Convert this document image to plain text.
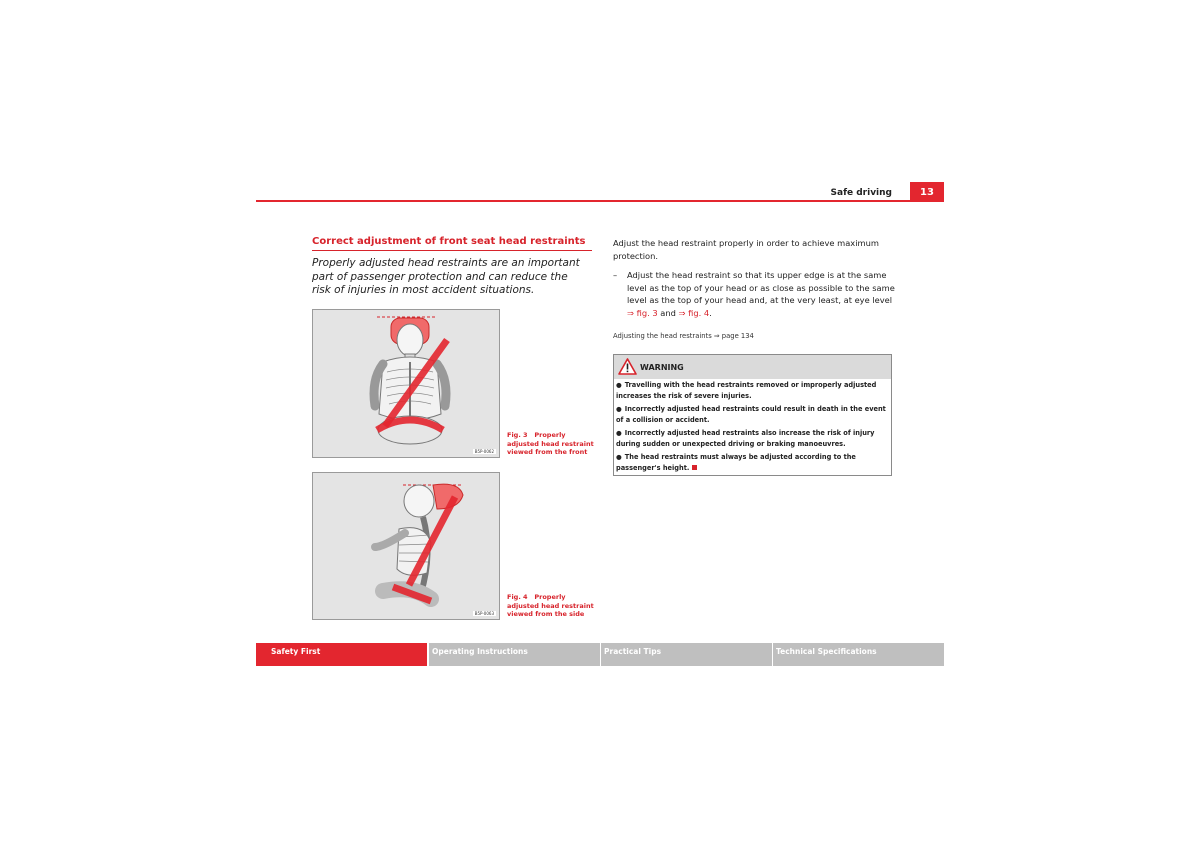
Safe driving	13
Correct adjustment of front seat head restraints
Properly adjusted head restraints are an important part of passenger protection and can reduce the risk of injuries in most accident situations.
B5P-0062
Fig. 3 Properly adjusted head restraint viewed from the front
B5P-0063
Fig. 4 Properly adjusted head restraint viewed from the side
Adjust the head restraint properly in order to achieve maximum protection.
– Adjust the head restraint so that its upper edge is at the same level as the top of your head or as close as possible to the same level as the top of your head and, at the very least, at eye level ⇒ fig. 3 and ⇒ fig. 4.
Adjusting the head restraints ⇒ page 134
WARNING
● Travelling with the head restraints removed or improperly adjusted increases the risk of severe injuries.
● Incorrectly adjusted head restraints could result in death in the event of a collision or accident.
● Incorrectly adjusted head restraints also increase the risk of injury during sudden or unexpected driving or braking manoeuvres.
● The head restraints must always be adjusted according to the passenger's height.
Safety First	Operating Instructions	Practical Tips	Technical Specifications
